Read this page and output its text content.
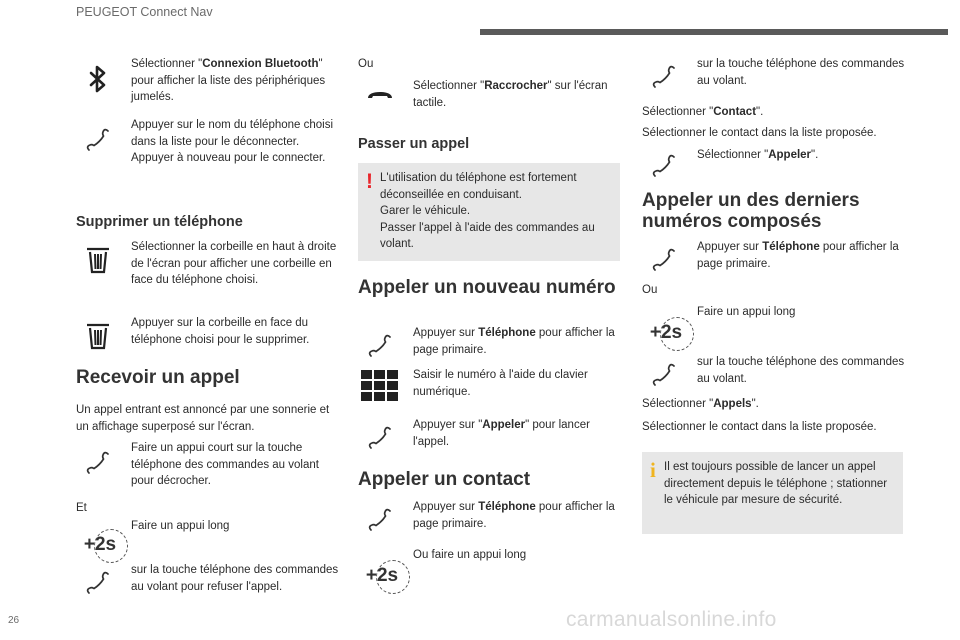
PEUGEOT Connect Nav
26	carmanualsonline.info
Sélectionner "Connexion Bluetooth" pour afficher la liste des périphériques jumelés.
Appuyer sur le nom du téléphone choisi dans la liste pour le déconnecter.
Appuyer à nouveau pour le connecter.
Supprimer un téléphone
Sélectionner la corbeille en haut à droite de l'écran pour afficher une corbeille en face du téléphone choisi.
Appuyer sur la corbeille en face du téléphone choisi pour le supprimer.
Recevoir un appel
Un appel entrant est annoncé par une sonnerie et un affichage superposé sur l'écran.
Faire un appui court sur la touche téléphone des commandes au volant pour décrocher.
Et
+2s
Faire un appui long
sur la touche téléphone des commandes au volant pour refuser l'appel.
Ou
Sélectionner "Raccrocher" sur l'écran tactile.
Passer un appel
! L'utilisation du téléphone est fortement déconseillée en conduisant.
Garer le véhicule.
Passer l'appel à l'aide des commandes au volant.
Appeler un nouveau numéro
Appuyer sur Téléphone pour afficher la page primaire.
Saisir le numéro à l'aide du clavier numérique.
Appuyer sur "Appeler" pour lancer l'appel.
Appeler un contact
Appuyer sur Téléphone pour afficher la page primaire.
+2s
Ou faire un appui long
sur la touche téléphone des commandes au volant.
Sélectionner "Contact".
Sélectionner le contact dans la liste proposée.
Sélectionner "Appeler".
Appeler un des derniers numéros composés
Appuyer sur Téléphone pour afficher la page primaire.
Ou
+2s
Faire un appui long
sur la touche téléphone des commandes au volant.
Sélectionner "Appels".
Sélectionner le contact dans la liste proposée.
i Il est toujours possible de lancer un appel directement depuis le téléphone ; stationner le véhicule par mesure de sécurité.
